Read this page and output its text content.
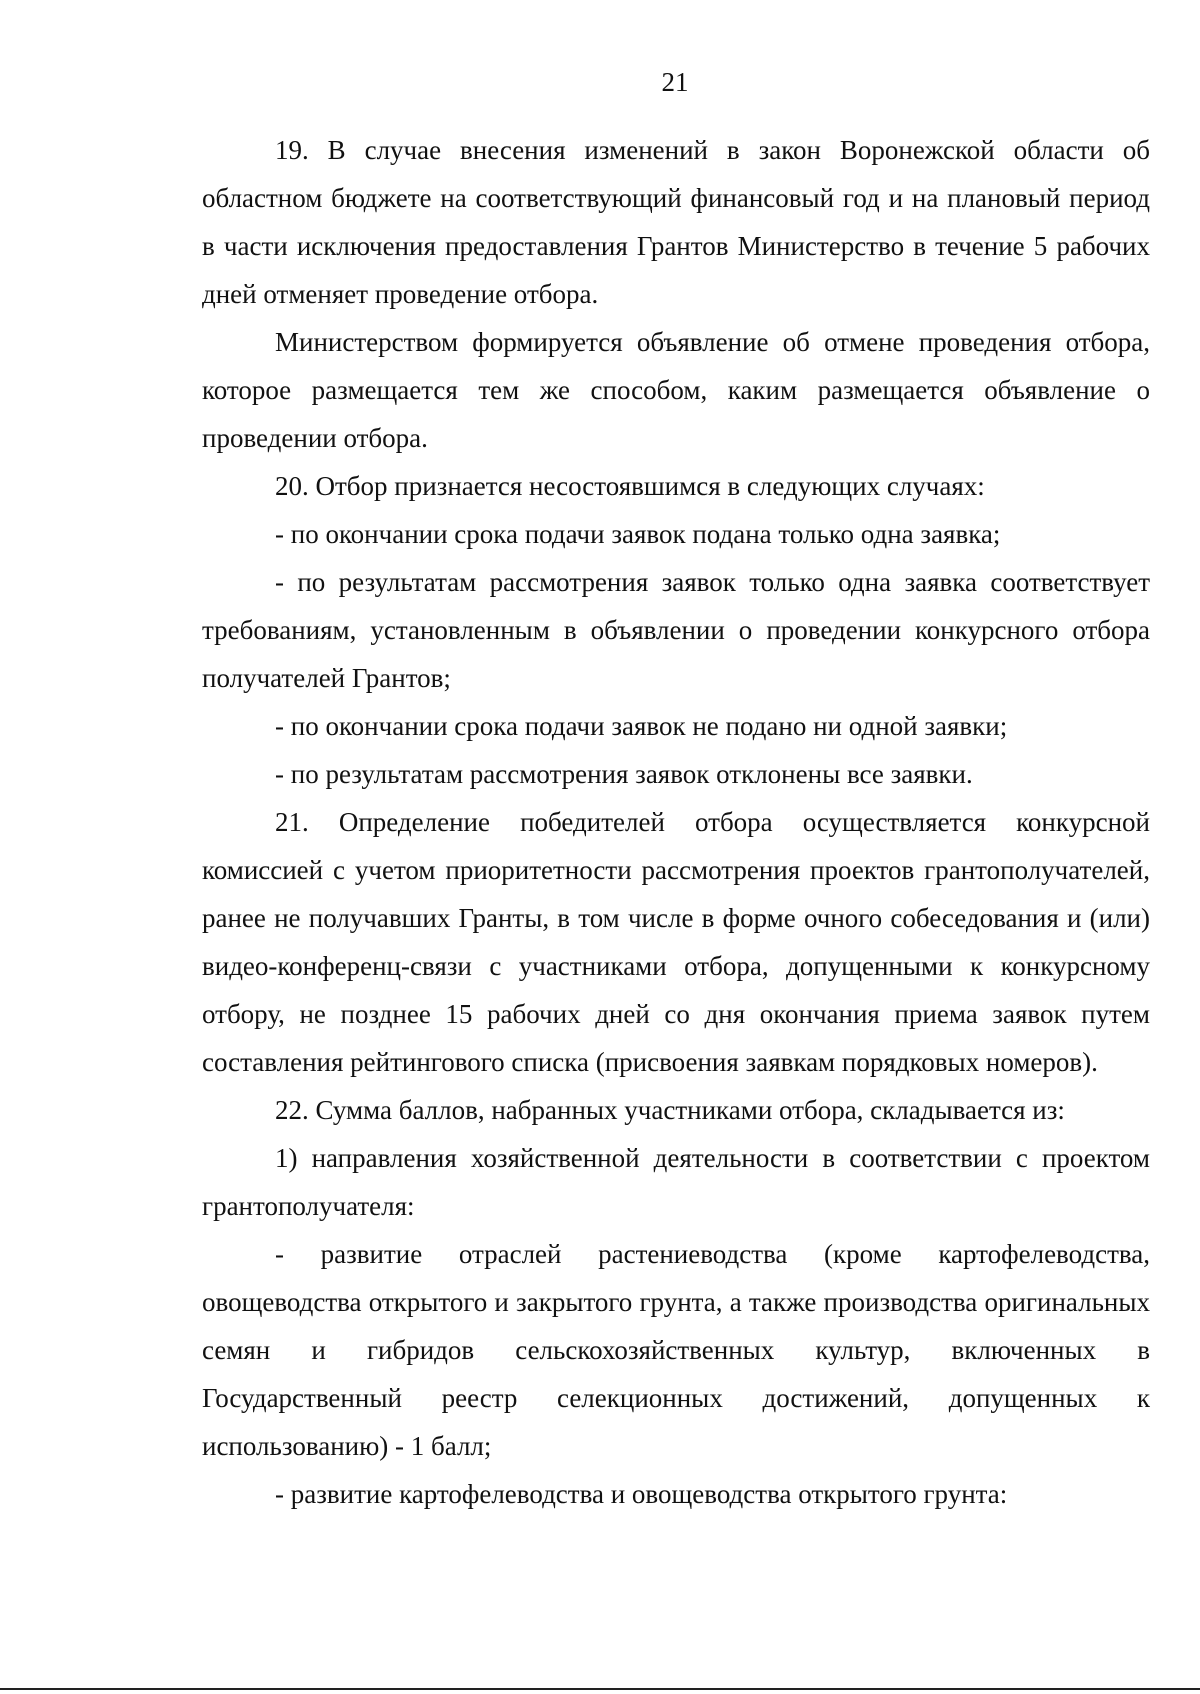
21

19. В случае внесения изменений в закон Воронежской области об областном бюджете на соответствующий финансовый год и на плановый период в части исключения предоставления Грантов Министерство в течение 5 рабочих дней отменяет проведение отбора.

Министерством формируется объявление об отмене проведения отбора, которое размещается тем же способом, каким размещается объявление о проведении отбора.

20. Отбор признается несостоявшимся в следующих случаях:

- по окончании срока подачи заявок подана только одна заявка;

- по результатам рассмотрения заявок только одна заявка соответствует требованиям, установленным в объявлении о проведении конкурсного отбора получателей Грантов;

- по окончании срока подачи заявок не подано ни одной заявки;

- по результатам рассмотрения заявок отклонены все заявки.

21. Определение победителей отбора осуществляется конкурсной комиссией с учетом приоритетности рассмотрения проектов грантополучателей, ранее не получавших Гранты, в том числе в форме очного собеседования и (или) видео-конференц-связи с участниками отбора, допущенными к конкурсному отбору, не позднее 15 рабочих дней со дня окончания приема заявок путем составления рейтингового списка (присвоения заявкам порядковых номеров).

22. Сумма баллов, набранных участниками отбора, складывается из:

1) направления хозяйственной деятельности в соответствии с проектом грантополучателя:

- развитие отраслей растениеводства (кроме картофелеводства, овощеводства открытого и закрытого грунта, а также производства оригинальных семян и гибридов сельскохозяйственных культур, включенных в Государственный реестр селекционных достижений, допущенных к использованию) - 1 балл;

- развитие картофелеводства и овощеводства открытого грунта:
